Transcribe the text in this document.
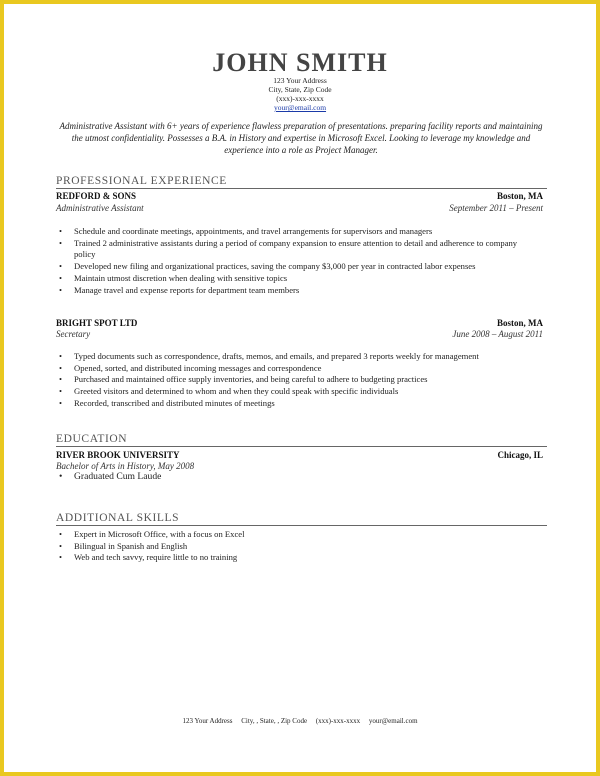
JOHN SMITH
123 Your Address
City, State, Zip Code
(xxx)-xxx-xxxx
your@email.com
Administrative Assistant with 6+ years of experience flawless preparation of presentations. preparing facility reports and maintaining the utmost confidentiality. Possesses a B.A. in History and expertise in Microsoft Excel. Looking to leverage my knowledge and experience into a role as Project Manager.
PROFESSIONAL EXPERIENCE
REDFORD & SONS	Boston, MA
Administrative Assistant	September 2011 – Present
• Schedule and coordinate meetings, appointments, and travel arrangements for supervisors and managers
• Trained 2 administrative assistants during a period of company expansion to ensure attention to detail and adherence to company policy
• Developed new filing and organizational practices, saving the company $3,000 per year in contracted labor expenses
• Maintain utmost discretion when dealing with sensitive topics
• Manage travel and expense reports for department team members
BRIGHT SPOT LTD	Boston, MA
Secretary	June 2008 – August 2011
• Typed documents such as correspondence, drafts, memos, and emails, and prepared 3 reports weekly for management
• Opened, sorted, and distributed incoming messages and correspondence
• Purchased and maintained office supply inventories, and being careful to adhere to budgeting practices
• Greeted visitors and determined to whom and when they could speak with specific individuals
• Recorded, transcribed and distributed minutes of meetings
EDUCATION
RIVER BROOK UNIVERSITY	Chicago, IL
Bachelor of Arts in History, May 2008
• Graduated Cum Laude
ADDITIONAL SKILLS
• Expert in Microsoft Office, with a focus on Excel
• Bilingual in Spanish and English
• Web and tech savvy, require little to no training
123 Your Address     City, , State, , Zip Code     (xxx)-xxx-xxxx     your@email.com
